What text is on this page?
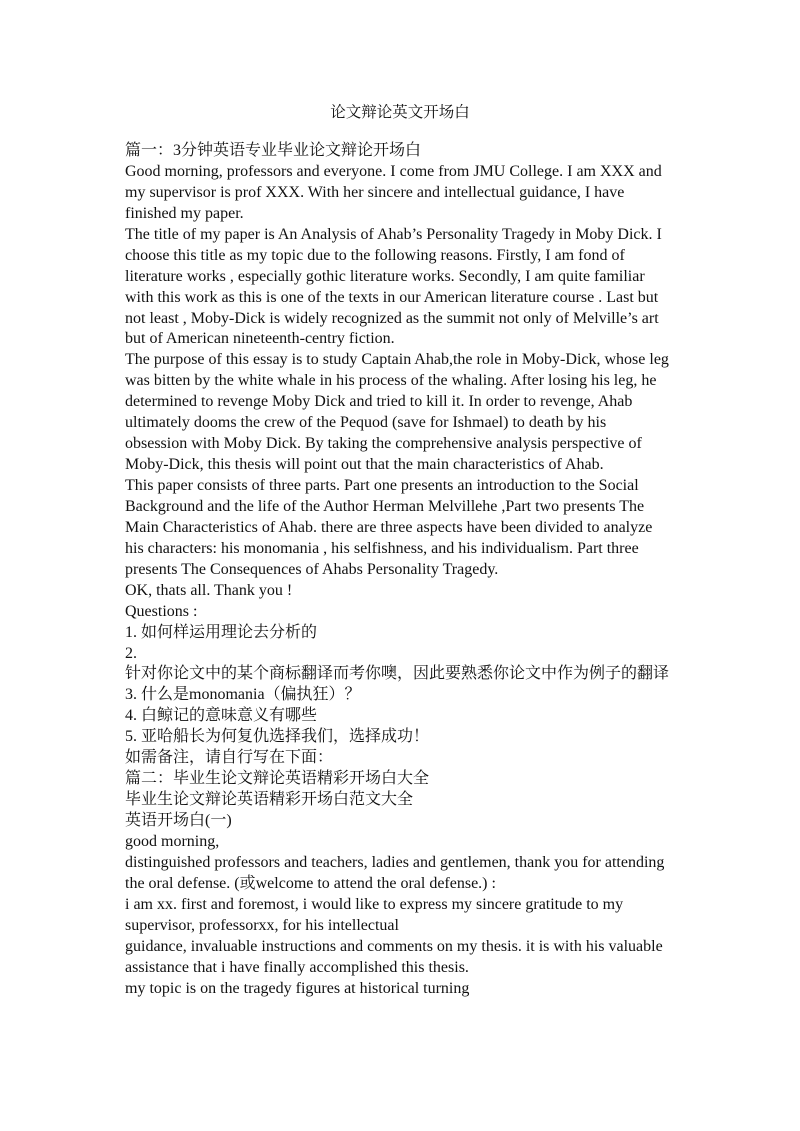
论文辩论英文开场白
篇一：3分钟英语专业毕业论文辩论开场白
Good morning, professors and everyone. I come from JMU College. I am XXX and
my supervisor is prof XXX. With her sincere and intellectual guidance, I have
finished my paper.
The title of my paper is An Analysis of Ahab’s Personality Tragedy in Moby Dick. I
choose this title as my topic due to the following reasons. Firstly, I am fond of
literature works , especially gothic literature works. Secondly, I am quite familiar
with this work as this is one of the texts in our American literature course . Last but
not least , Moby-Dick is widely recognized as the summit not only of Melville’s art
but of American nineteenth-centry fiction.
The purpose of this essay is to study Captain Ahab,the role in Moby-Dick, whose leg
was bitten by the white whale in his process of the whaling. After losing his leg, he
determined to revenge Moby Dick and tried to kill it. In order to revenge, Ahab
ultimately dooms the crew of the Pequod (save for Ishmael) to death by his
obsession with Moby Dick. By taking the comprehensive analysis perspective of
Moby-Dick, this thesis will point out that the main characteristics of Ahab.
This paper consists of three parts. Part one presents an introduction to the Social
Background and the life of the Author Herman Melvillehe ,Part two presents The
Main Characteristics of Ahab. there are three aspects have been divided to analyze
his characters: his monomania , his selfishness, and his individualism. Part three
presents The Consequences of Ahabs Personality Tragedy.
OK, thats all. Thank you !
Questions :
1. 如何样运用理论去分析的
2.
针对你论文中的某个商标翻译而考你噢，因此要熟悉你论文中作为例子的翻译
3. 什么是monomania（偏执狂）？
4. 白鲸记的意味意义有哪些
5. 亚哈船长为何复仇选择我们，选择成功！
如需备注，请自行写在下面：
篇二：毕业生论文辩论英语精彩开场白大全
毕业生论文辩论英语精彩开场白范文大全
英语开场白(一)
good morning,
distinguished professors and teachers, ladies and gentlemen, thank you for attending
the oral defense. (或welcome to attend the oral defense.) :
i am xx. first and foremost, i would like to express my sincere gratitude to my
supervisor, professorxx, for his intellectual
guidance, invaluable instructions and comments on my thesis. it is with his valuable
assistance that i have finally accomplished this thesis.
my topic is on the tragedy figures at historical turning
